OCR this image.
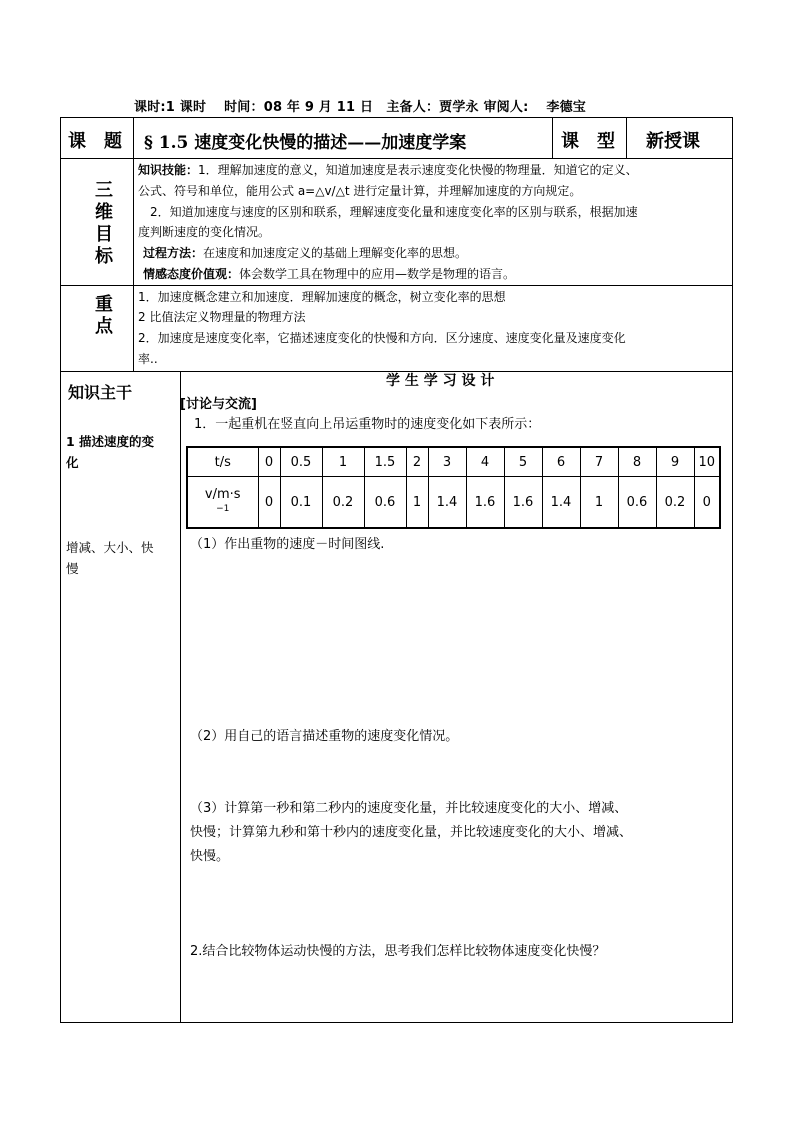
课时:1 课时　 时间：08 年 9 月 11 日　主备人：贾学永 审阅人: 　李德宝
课　题 § 1.5 速度变化快慢的描述——加速度学案	课　型 新授课
三
维
目
标
知识技能：1．理解加速度的意义，知道加速度是表示速度变化快慢的物理量．知道它的定义、
公式、符号和单位，能用公式 a=△v/△t 进行定量计算，并理解加速度的方向规定。
　2．知道加速度与速度的区别和联系，理解速度变化量和速度变化率的区别与联系，根据加速
度判断速度的变化情况。
过程方法：在速度和加速度定义的基础上理解变化率的思想。
情感态度价值观：体会数学工具在物理中的应用—数学是物理的语言。
重
点
1．加速度概念建立和加速度．理解加速度的概念，树立变化率的思想
2 比值法定义物理量的物理方法
2．加速度是速度变化率，它描述速度变化的快慢和方向．区分速度、速度变化量及速度变化
率..
知识主干
1 描述速度的变
化
增减、大小、快
慢
学 生 学 习 设 计
[讨论与交流]
1．一起重机在竖直向上吊运重物时的速度变化如下表所示：
t/s	0	0.5	1	1.5	2	3	4	5	6	7	8	9	10

v/m·s
−1	0	0.1	0.2	0.6	1	1.4	1.6	1.6	1.4	1	0.6	0.2	0
（1）作出重物的速度－时间图线.
（2）用自己的语言描述重物的速度变化情况。
（3）计算第一秒和第二秒内的速度变化量，并比较速度变化的大小、增减、
快慢；计算第九秒和第十秒内的速度变化量，并比较速度变化的大小、增减、
快慢。
2.结合比较物体运动快慢的方法，思考我们怎样比较物体速度变化快慢？
